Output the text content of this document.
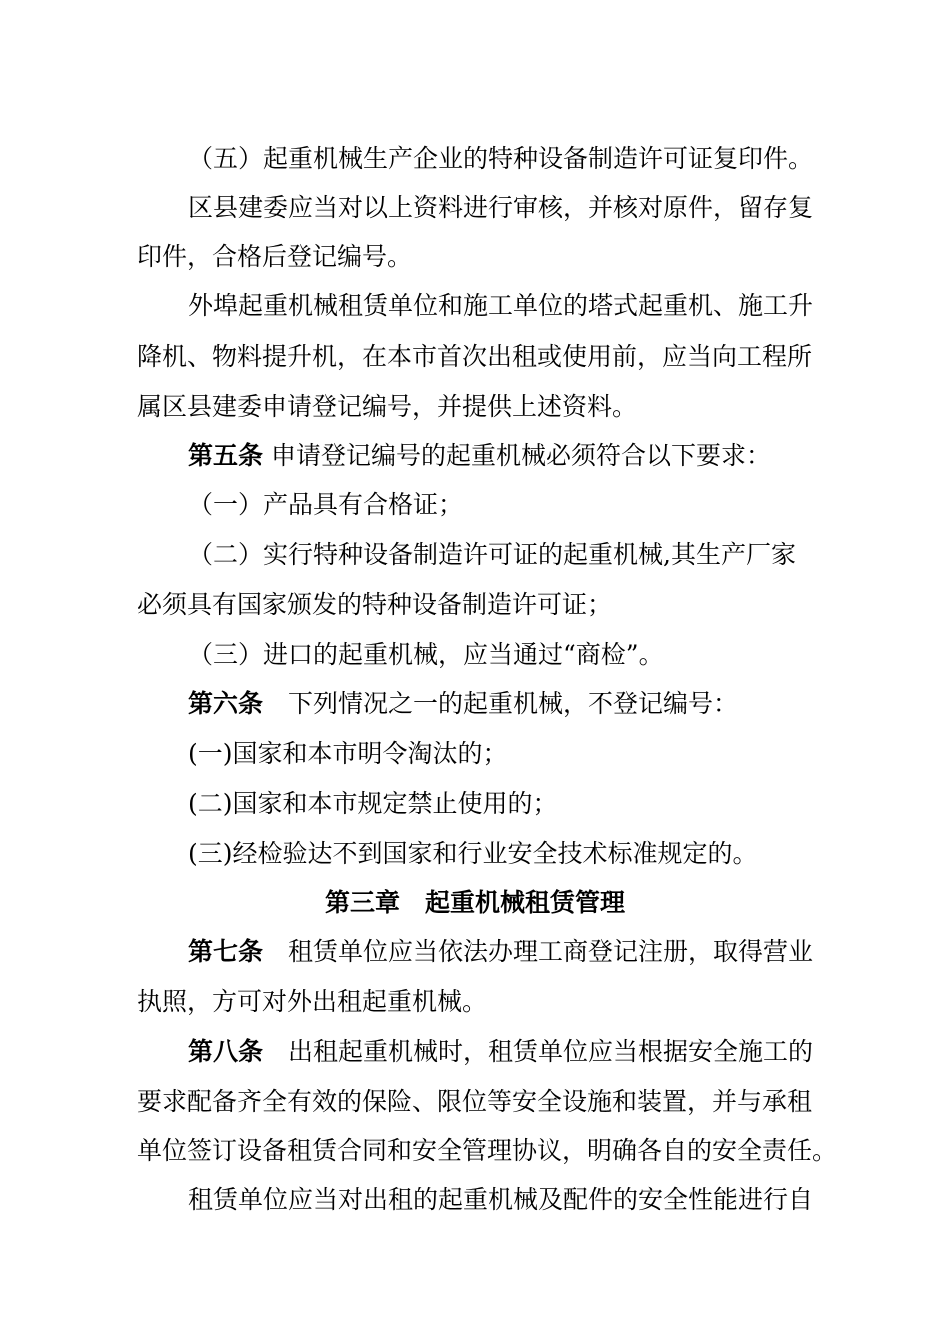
（五）起重机械生产企业的特种设备制造许可证复印件。
区县建委应当对以上资料进行审核，并核对原件，留存复
印件，合格后登记编号。
外埠起重机械租赁单位和施工单位的塔式起重机、施工升
降机、物料提升机，在本市首次出租或使用前，应当向工程所
属区县建委申请登记编号，并提供上述资料。
第五条 申请登记编号的起重机械必须符合以下要求：
（一）产品具有合格证；
（二）实行特种设备制造许可证的起重机械,其生产厂家
必须具有国家颁发的特种设备制造许可证；
（三）进口的起重机械，应当通过“商检”。
第六条　下列情况之一的起重机械，不登记编号：
(一)国家和本市明令淘汰的；
(二)国家和本市规定禁止使用的；
(三)经检验达不到国家和行业安全技术标准规定的。
第三章　起重机械租赁管理
第七条　租赁单位应当依法办理工商登记注册，取得营业
执照，方可对外出租起重机械。
第八条　出租起重机械时，租赁单位应当根据安全施工的
要求配备齐全有效的保险、限位等安全设施和装置，并与承租
单位签订设备租赁合同和安全管理协议，明确各自的安全责任。
租赁单位应当对出租的起重机械及配件的安全性能进行自
